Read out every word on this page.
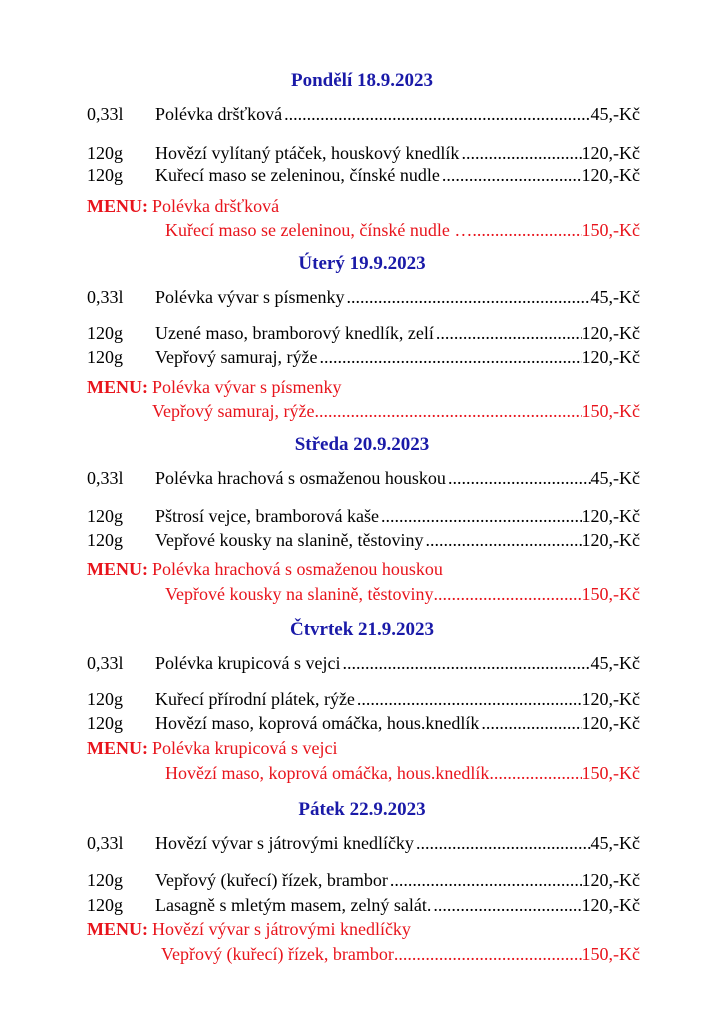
Pondělí 18.9.2023
0,33l Polévka dršťková .....	45,-Kč
120g Hovězí vylítaný ptáček, houskový knedlík .....	120,-Kč
120g Kuřecí maso se zeleninou, čínské nudle .....	120,-Kč
MENU: Polévka dršťková
Kuřecí maso se zeleninou, čínské nudle … .....	150,-Kč
Úterý 19.9.2023
0,33l Polévka vývar s písmenky .....	45,-Kč
120g Uzené maso, bramborový knedlík, zelí .....	120,-Kč
120g Vepřový samuraj, rýže .....	120,-Kč
MENU: Polévka vývar s písmenky
Vepřový samuraj, rýže .....	150,-Kč
Středa 20.9.2023
0,33l Polévka hrachová s osmaženou houskou .....	45,-Kč
120g Pštrosí vejce, bramborová kaše .....	120,-Kč
120g Vepřové kousky na slanině, těstoviny .....	120,-Kč
MENU: Polévka hrachová s osmaženou houskou
Vepřové kousky na slanině, těstoviny .....	150,-Kč
Čtvrtek 21.9.2023
0,33l Polévka krupicová s vejci .....	45,-Kč
120g Kuřecí přírodní plátek, rýže .....	120,-Kč
120g Hovězí maso, koprová omáčka, hous.knedlík .....	120,-Kč
MENU: Polévka krupicová s vejci
Hovězí maso, koprová omáčka, hous.knedlík .....	150,-Kč
Pátek 22.9.2023
0,33l Hovězí vývar s játrovými knedlíčky .....	45,-Kč
120g Vepřový (kuřecí) řízek, brambor .....	120,-Kč
120g Lasagně s mletým masem, zelný salát. .....	120,-Kč
MENU: Hovězí vývar s játrovými knedlíčky
Vepřový (kuřecí) řízek, brambor .....	150,-Kč
